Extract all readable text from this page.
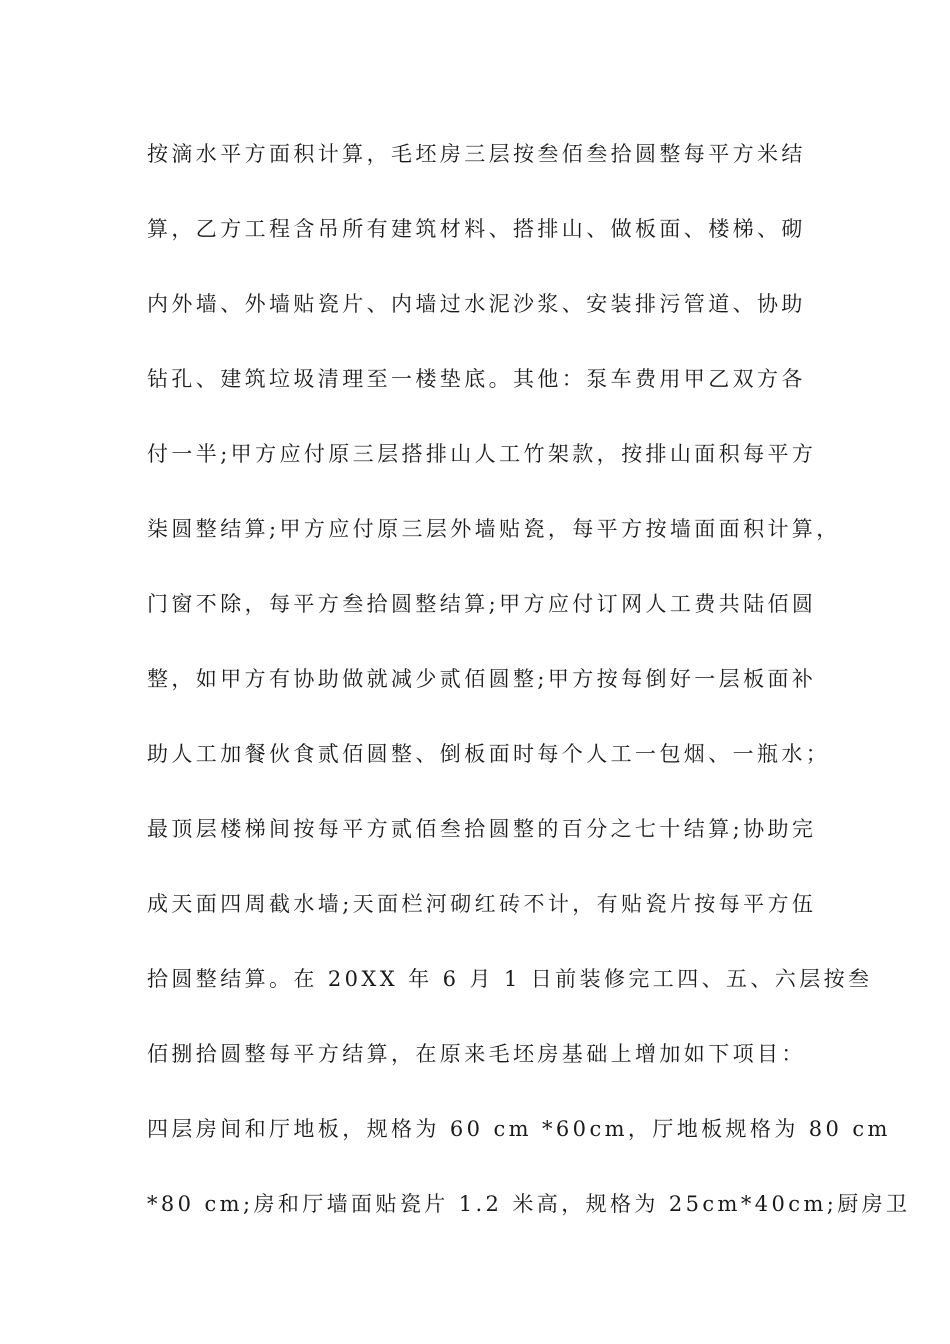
按滴水平方面积计算，毛坯房三层按叁佰叁拾圆整每平方米结
算，乙方工程含吊所有建筑材料、搭排山、做板面、楼梯、砌
内外墙、外墙贴瓷片、内墙过水泥沙浆、安装排污管道、协助
钻孔、建筑垃圾清理至一楼垫底。其他：泵车费用甲乙双方各
付一半;甲方应付原三层搭排山人工竹架款，按排山面积每平方
柒圆整结算;甲方应付原三层外墙贴瓷，每平方按墙面面积计算，
门窗不除，每平方叁拾圆整结算;甲方应付订网人工费共陆佰圆
整，如甲方有协助做就减少贰佰圆整;甲方按每倒好一层板面补
助人工加餐伙食贰佰圆整、倒板面时每个人工一包烟、一瓶水；
最顶层楼梯间按每平方贰佰叁拾圆整的百分之七十结算;协助完
成天面四周截水墙;天面栏河砌红砖不计，有贴瓷片按每平方伍
拾圆整结算。在 20XX 年 6 月 1 日前装修完工四、五、六层按叁
佰捌拾圆整每平方结算，在原来毛坯房基础上增加如下项目：
四层房间和厅地板，规格为 60 cm *60cm，厅地板规格为 80 cm
*80 cm;房和厅墙面贴瓷片 1.2 米高，规格为 25cm*40cm;厨房卫
